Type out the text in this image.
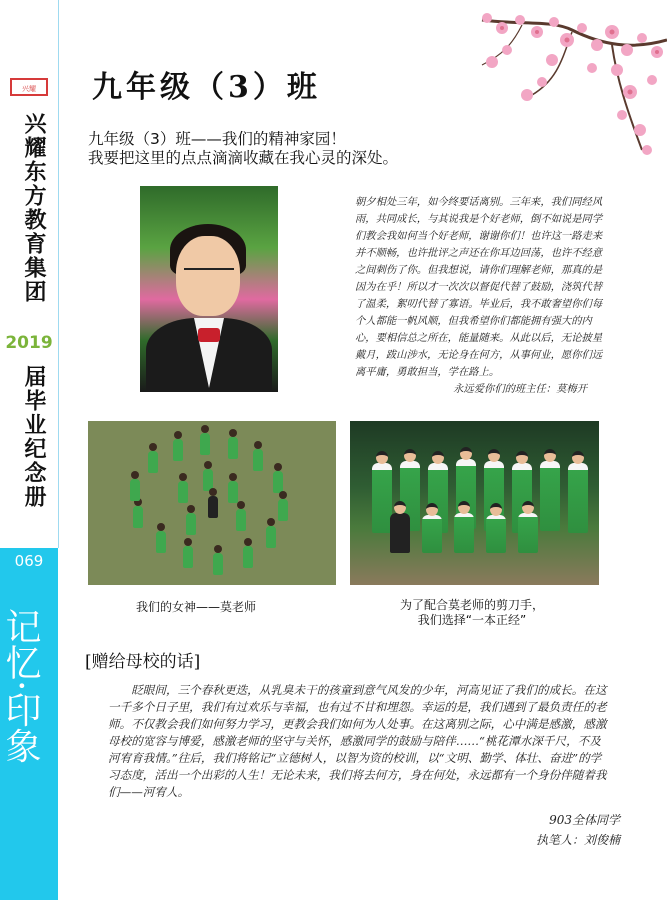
兴耀
兴耀东方教育集团
2019
届毕业纪念册
069
记忆·印象
九年级（3）班
九年级（3）班——我们的精神家园！
我要把这里的点点滴滴收藏在我心灵的深处。
朝夕相处三年，如今终要话离别。三年来，我们同经风雨，共同成长，与其说我是个好老师，倒不如说是同学们教会我如何当个好老师，谢谢你们！也许这一路走来并不顺畅，也许批评之声还在你耳边回荡，也许不经意之间刺伤了你。但我想说，请你们理解老师，那真的是因为在乎！所以才一次次以督促代替了鼓励，浇筑代替了温柔，絮叨代替了寡语。毕业后，我不敢奢望你们每个人都能一帆风顺，但我希望你们都能拥有强大的内心，要相信总之所在，能量随来。从此以后，无论披星戴月，跋山涉水，无论身在何方，从事何业，愿你们远离平庸，勇敢担当，学在路上。
永远爱你们的班主任：莫梅开
我们的女神——莫老师	为了配合莫老师的剪刀手，
我们选择“一本正经”
[赠给母校的话]
眨眼间，三个春秋更迭，从乳臭未干的孩童到意气风发的少年，河高见证了我们的成长。在这一千多个日子里，我们有过欢乐与幸福，也有过不甘和埋怨。幸运的是，我们遇到了最负责任的老师。不仅教会我们如何努力学习，更教会我们如何为人处事。在这离别之际，心中满是感激，感激母校的宽容与博爱，感激老师的坚守与关怀，感激同学的鼓励与陪伴……“桃花潭水深千尺，不及河宥育我情。”往后，我们将铭记“立德树人，以智为资的校训，以“文明、勤学、体壮、奋进”的学习态度，活出一个出彩的人生！无论未来，我们将去何方，身在何处，永远都有一个身份伴随着我们——河宥人。
903全体同学
执笔人：刘俊楠
